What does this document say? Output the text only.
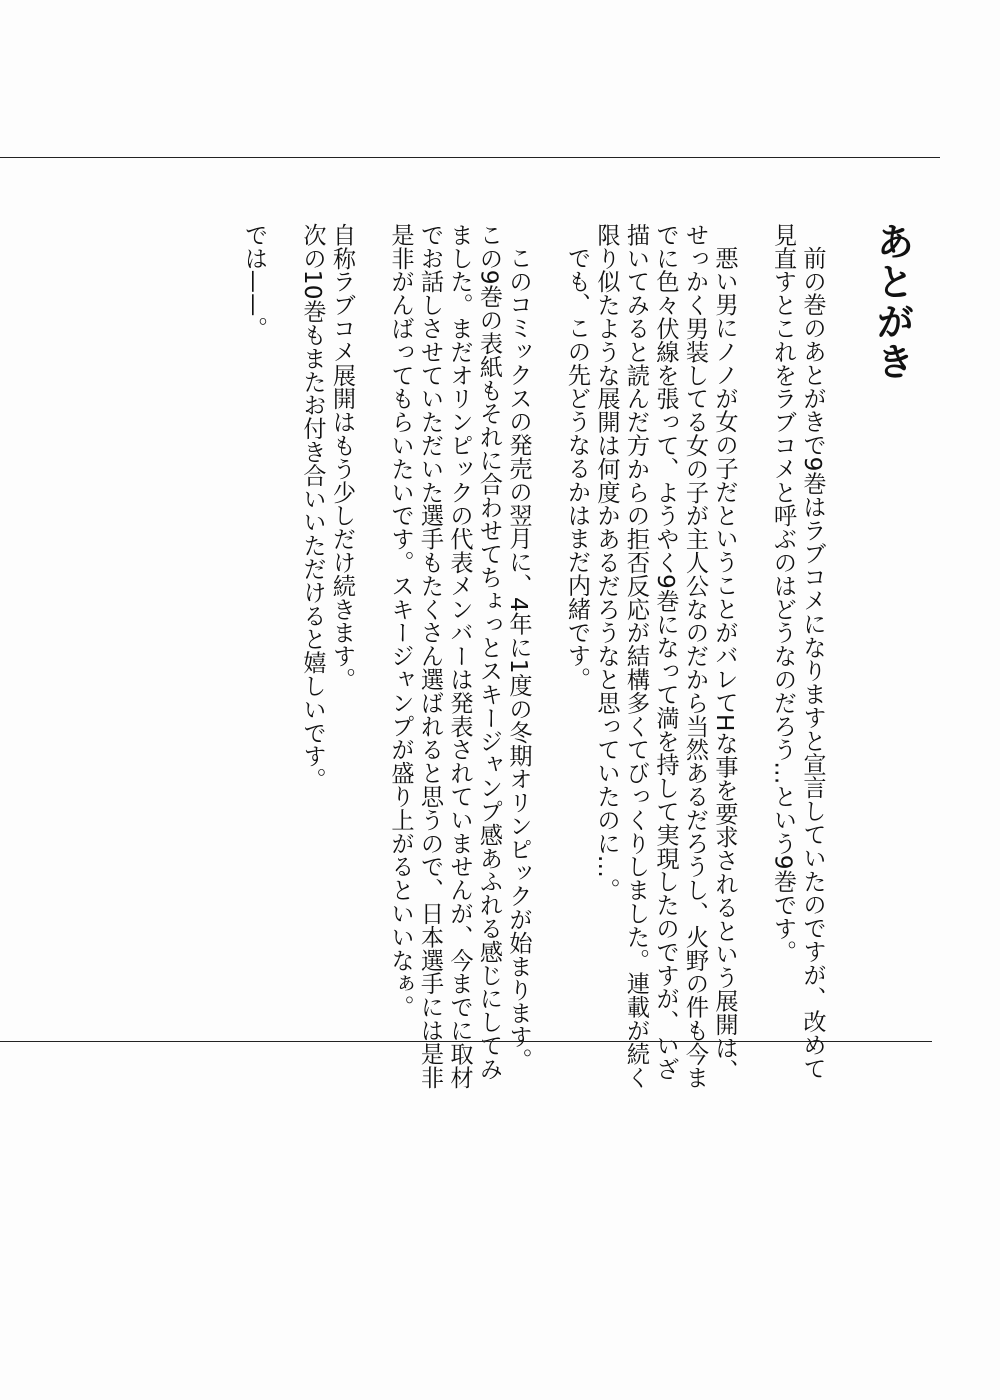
あとがき
前の巻のあとがきで9巻はラブコメになりますと宣言していたのですが、改めて
見直すとこれをラブコメと呼ぶのはどうなのだろう…という9巻です。
悪い男にノノが女の子だということがバレてHな事を要求されるという展開は、
せっかく男装してる女の子が主人公なのだから当然あるだろうし、火野の件も今ま
でに色々伏線を張って、ようやく9巻になって満を持して実現したのですが、いざ
描いてみると読んだ方からの拒否反応が結構多くてびっくりしました。連載が続く
限り似たような展開は何度かあるだろうなと思っていたのに…。
でも、この先どうなるかはまだ内緒です。
このコミックスの発売の翌月に、4年に1度の冬期オリンピックが始まります。
この9巻の表紙もそれに合わせてちょっとスキージャンプ感あふれる感じにしてみ
ました。まだオリンピックの代表メンバーは発表されていませんが、今までに取材
でお話しさせていただいた選手もたくさん選ばれると思うので、日本選手には是非
是非がんばってもらいたいです。スキージャンプが盛り上がるといいなぁ。
自称ラブコメ展開はもう少しだけ続きます。
次の10巻もまたお付き合いいただけると嬉しいです。
では——。
